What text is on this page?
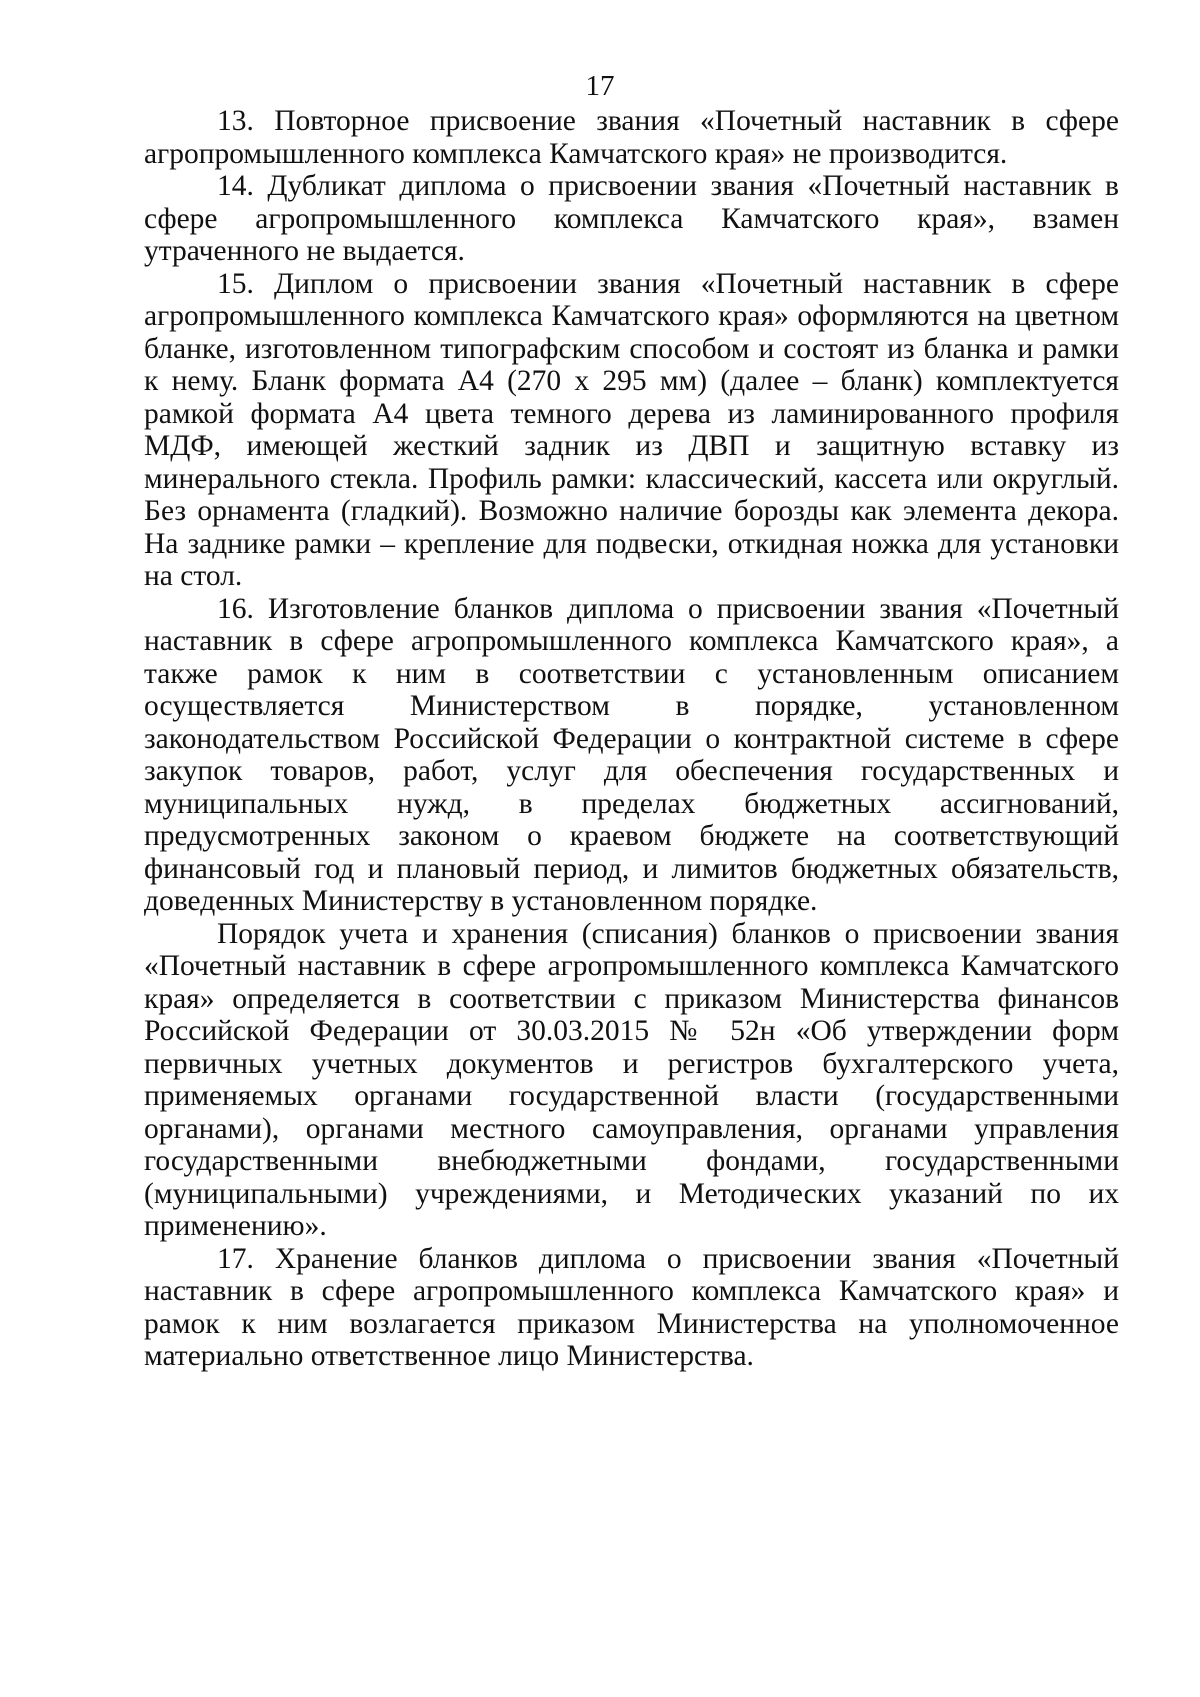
17

13. Повторное присвоение звания «Почетный наставник в сфере агропромышленного комплекса Камчатского края» не производится.

14. Дубликат диплома о присвоении звания «Почетный наставник в сфере агропромышленного комплекса Камчатского края», взамен утраченного не выдается.

15. Диплом о присвоении звания «Почетный наставник в сфере агропромышленного комплекса Камчатского края» оформляются на цветном бланке, изготовленном типографским способом и состоят из бланка и рамки к нему. Бланк формата А4 (270 х 295 мм) (далее – бланк) комплектуется рамкой формата А4 цвета темного дерева из ламинированного профиля МДФ, имеющей жесткий задник из ДВП и защитную вставку из минерального стекла. Профиль рамки: классический, кассета или округлый. Без орнамента (гладкий). Возможно наличие борозды как элемента декора. На заднике рамки – крепление для подвески, откидная ножка для установки на стол.

16. Изготовление бланков диплома о присвоении звания «Почетный наставник в сфере агропромышленного комплекса Камчатского края», а также рамок к ним в соответствии с установленным описанием осуществляется Министерством в порядке, установленном законодательством Российской Федерации о контрактной системе в сфере закупок товаров, работ, услуг для обеспечения государственных и муниципальных нужд, в пределах бюджетных ассигнований, предусмотренных законом о краевом бюджете на соответствующий финансовый год и плановый период, и лимитов бюджетных обязательств, доведенных Министерству в установленном порядке.

Порядок учета и хранения (списания) бланков о присвоении звания «Почетный наставник в сфере агропромышленного комплекса Камчатского края» определяется в соответствии с приказом Министерства финансов Российской Федерации от 30.03.2015 № 52н «Об утверждении форм первичных учетных документов и регистров бухгалтерского учета, применяемых органами государственной власти (государственными органами), органами местного самоуправления, органами управления государственными внебюджетными фондами, государственными (муниципальными) учреждениями, и Методических указаний по их применению».

17. Хранение бланков диплома о присвоении звания «Почетный наставник в сфере агропромышленного комплекса Камчатского края» и рамок к ним возлагается приказом Министерства на уполномоченное материально ответственное лицо Министерства.
